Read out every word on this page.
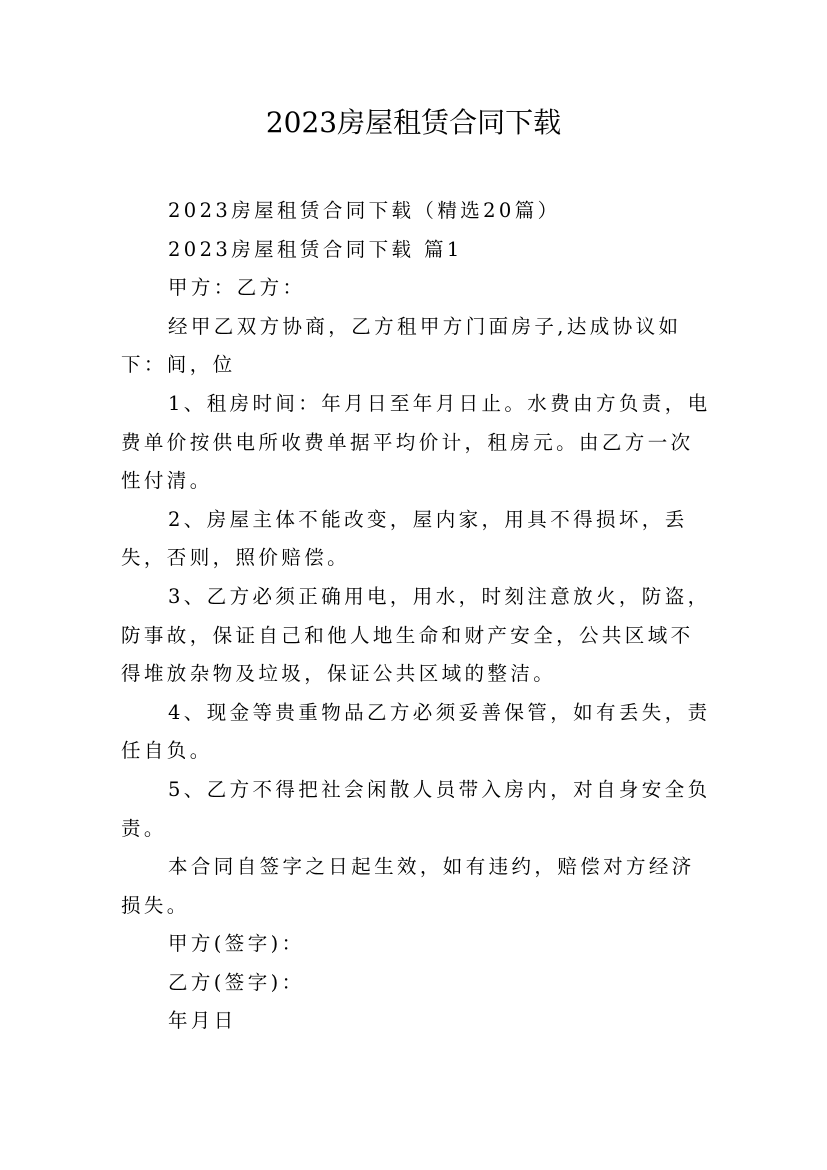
2023房屋租赁合同下载

2023房屋租赁合同下载（精选20篇）

2023房屋租赁合同下载 篇1

甲方：乙方：

经甲乙双方协商，乙方租甲方门面房子,达成协议如下：间，位

1、租房时间：年月日至年月日止。水费由方负责，电费单价按供电所收费单据平均价计，租房元。由乙方一次性付清。

2、房屋主体不能改变，屋内家，用具不得损坏，丢失，否则，照价赔偿。

3、乙方必须正确用电，用水，时刻注意放火，防盗，防事故，保证自己和他人地生命和财产安全，公共区域不得堆放杂物及垃圾，保证公共区域的整洁。

4、现金等贵重物品乙方必须妥善保管，如有丢失，责任自负。

5、乙方不得把社会闲散人员带入房内，对自身安全负责。

本合同自签字之日起生效，如有违约，赔偿对方经济损失。

甲方(签字)：

乙方(签字)：

年月日
